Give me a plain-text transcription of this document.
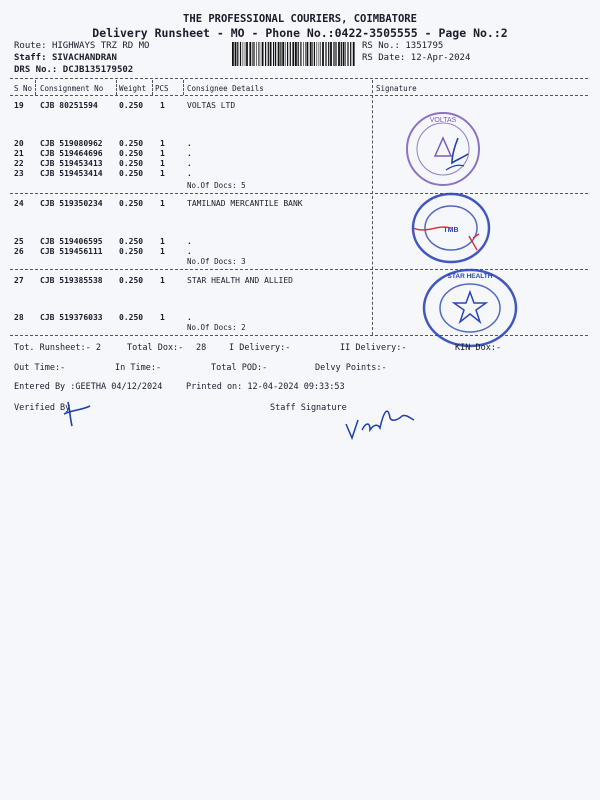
THE PROFESSIONAL COURIERS, COIMBATORE
Delivery Runsheet - MO - Phone No.:0422-3505555 - Page No.:2
Route: HIGHWAYS TRZ RD MO
Staff: SIVACHANDRAN
DRS No.: DCJB135179502
RS No.: 1351795
RS Date: 12-Apr-2024
S No Consignment No Weight PCS Consignee Details	Signature
19 CJB 80251594	0.250 1	VOLTAS LTD
20 CJB 519080962 0.250 1	.
21 CJB 519464696 0.250 1	.
22 CJB 519453413 0.250 1	.
23 CJB 519453414 0.250 1	.
No.Of Docs: 5
24 CJB 519350234 0.250 1	TAMILNAD MERCANTILE BANK
25 CJB 519406595 0.250 1	.
26 CJB 519456111 0.250 1	.
No.Of Docs: 3
27 CJB 519385538 0.250 1	STAR HEALTH AND ALLIED
28 CJB 519376033 0.250 1	.
No.Of Docs: 2
VOLTAS
TMB
STAR HEALTH
Tot. Runsheet:- 2	Total Dox:- 28	I Delivery:-	II Delivery:-	KIN Dox:-
Out Time:-	In Time:-	Total POD:-	Delvy Points:-
Entered By :GEETHA 04/12/2024	Printed on: 12-04-2024 09:33:53
Verified By	Staff Signature
